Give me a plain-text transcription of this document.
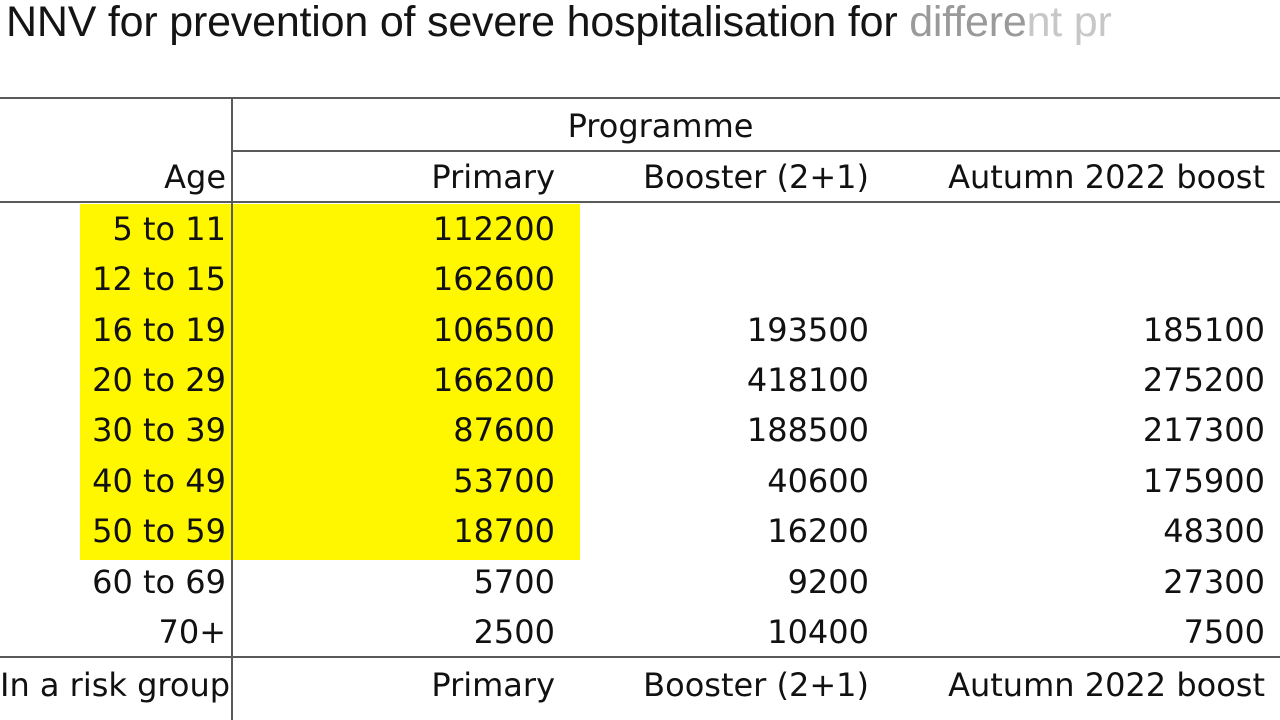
NNV for prevention of severe hospitalisation for different pr
Programme
Age	Primary	Booster (2+1)	Autumn 2022 boost
5 to 11	112200
12 to 15	162600
16 to 19	106500	193500	185100
20 to 29	166200	418100	275200
30 to 39	87600	188500	217300
40 to 49	53700	40600	175900
50 to 59	18700	16200	48300
60 to 69	5700	9200	27300
70+	2500	10400	7500
In a risk group	Primary	Booster (2+1)	Autumn 2022 boost
